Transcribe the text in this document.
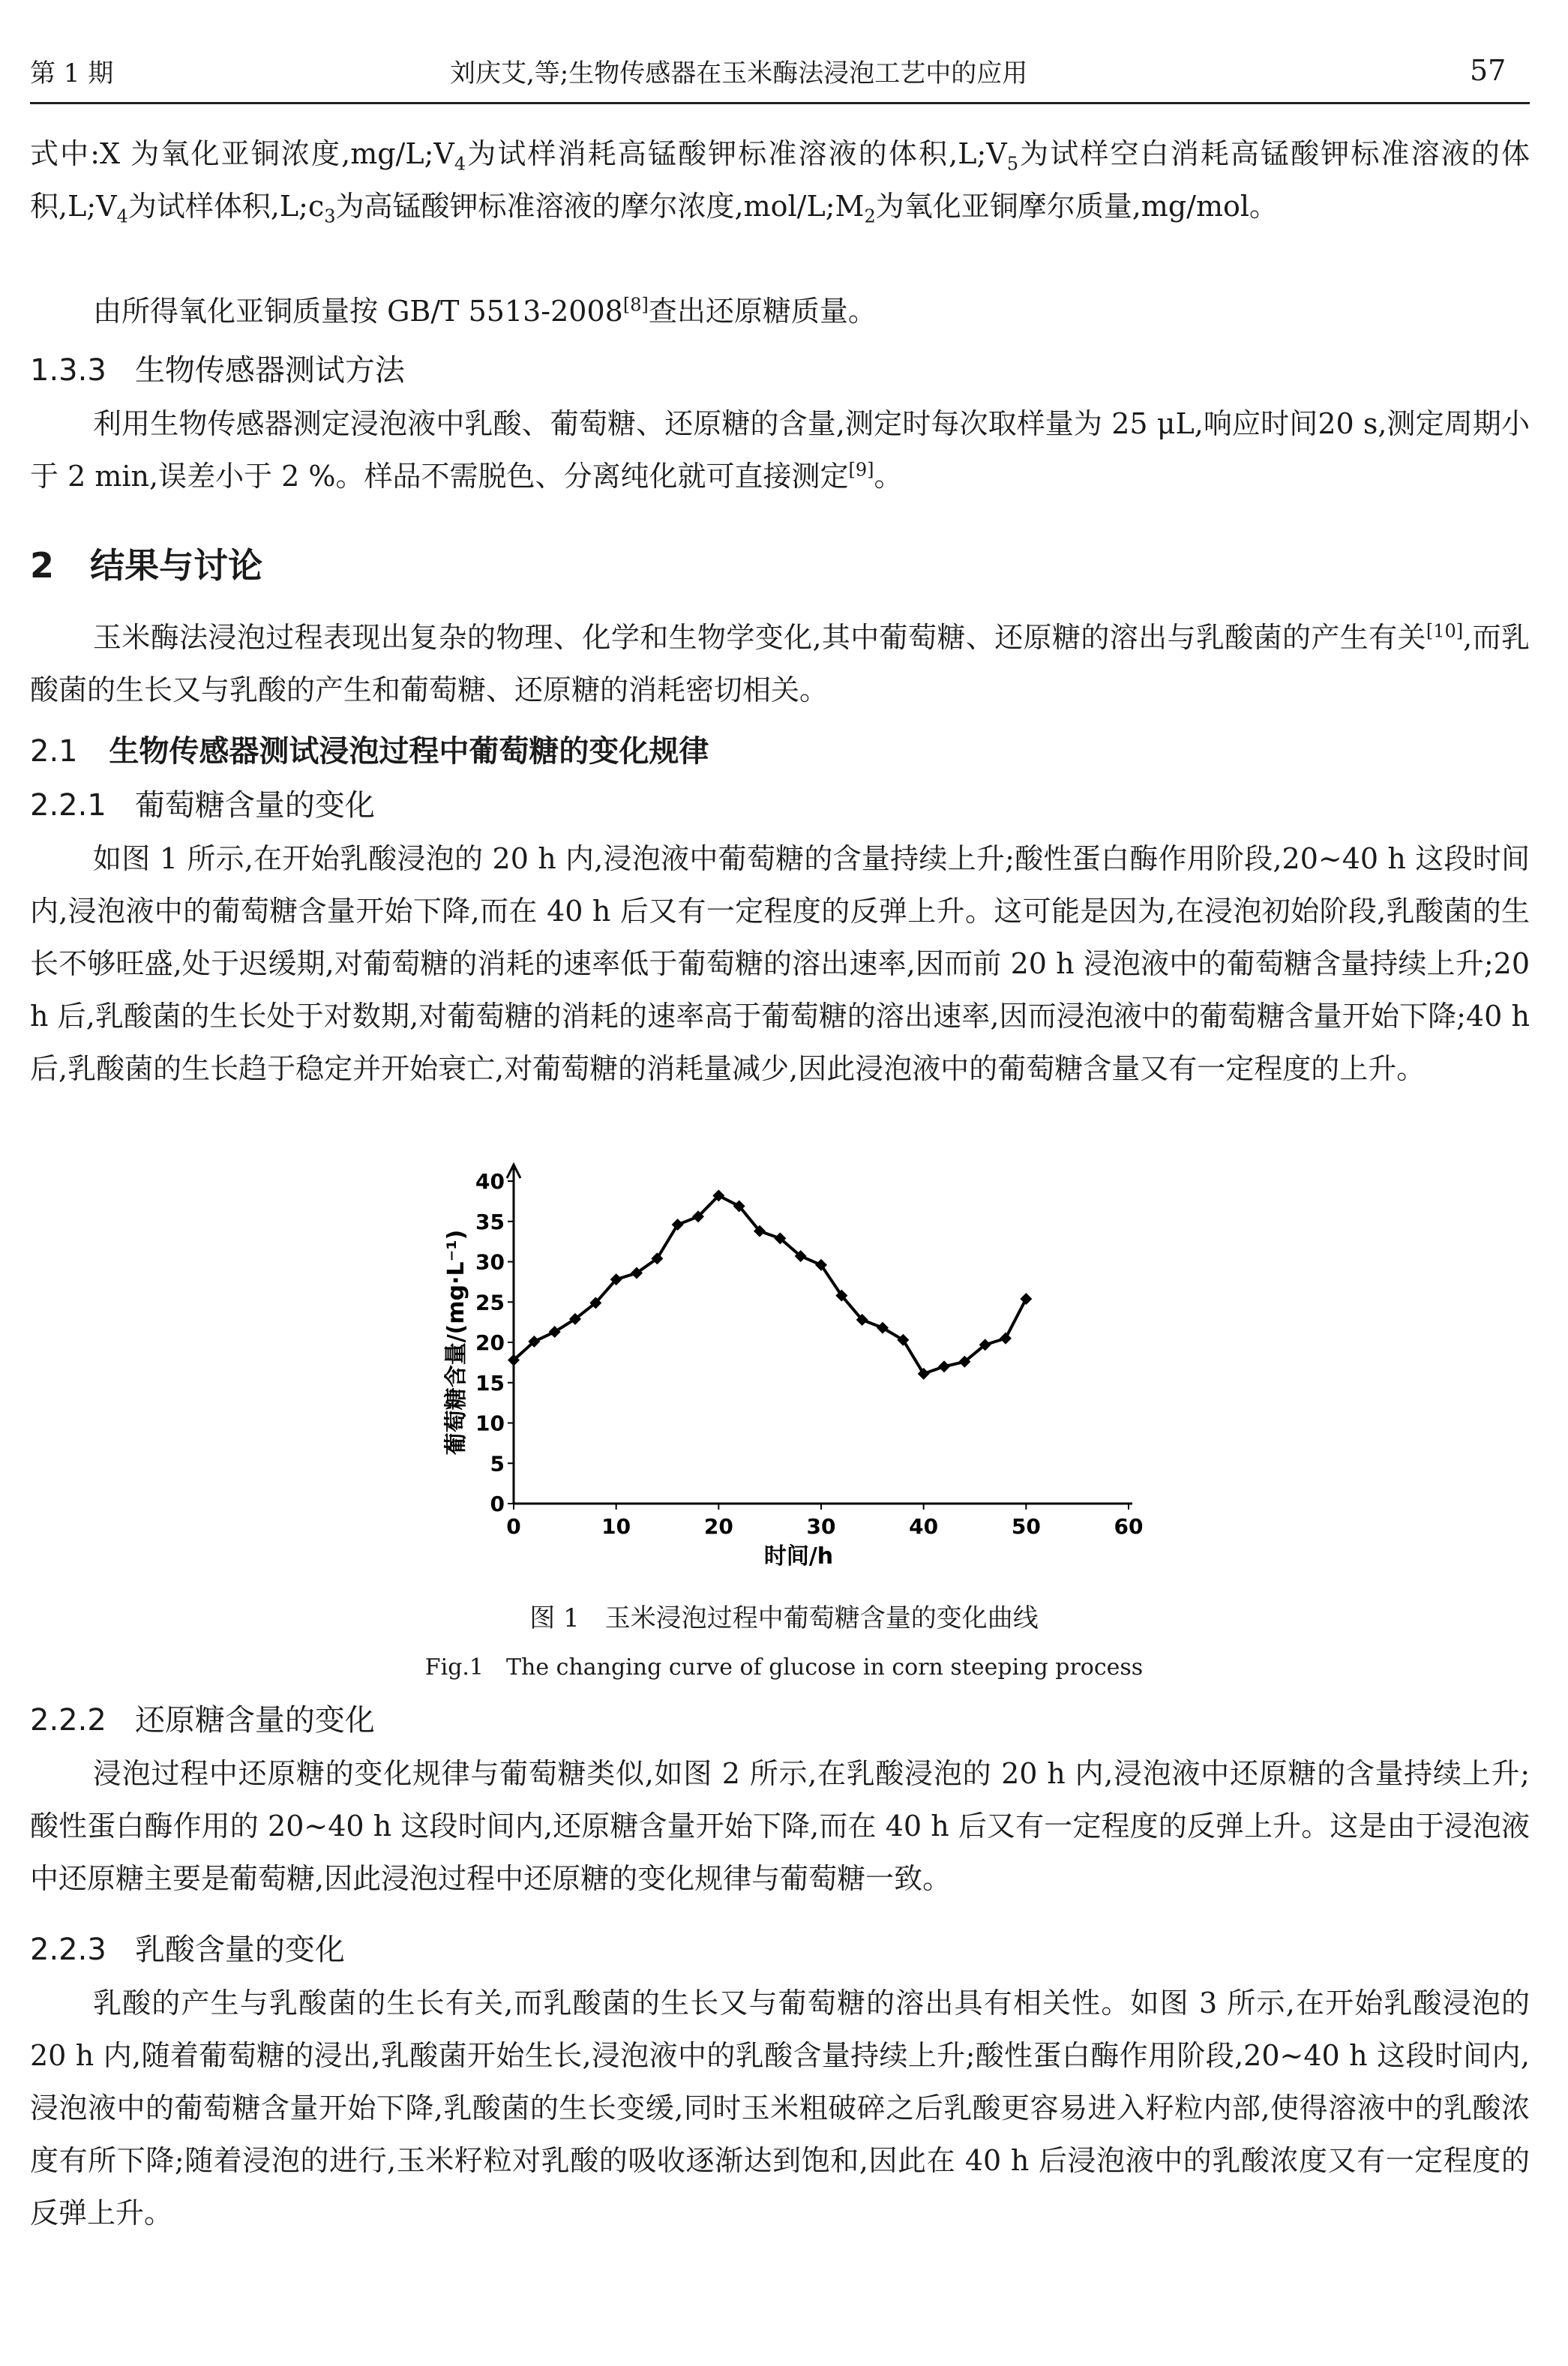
第 1 期	刘庆艾,等;生物传感器在玉米酶法浸泡工艺中的应用	57
式中:X 为氧化亚铜浓度$,mg/L;V_4$为试样消耗高锰酸钾标准溶液的体积$,L;V_5$为试样空白消耗高锰酸钾标准溶液的体积$,L;V_4$为试样体积$,L;c_3$为高锰酸钾标准溶液的摩尔浓度$,mol/L;M_2$为氧化亚铜摩尔质量,mg/mol。
由所得氧化亚铜质量按 GB/T 5513-2008[8]查出还原糖质量。
1.3.3 生物传感器测试方法
利用生物传感器测定浸泡液中乳酸、葡萄糖、还原糖的含量,测定时每次取样量为 25 μL,响应时间20 s,测定周期小于 2 min,误差小于 2 %。样品不需脱色、分离纯化就可直接测定[9]。
2 结果与讨论
玉米酶法浸泡过程表现出复杂的物理、化学和生物学变化,其中葡萄糖、还原糖的溶出与乳酸菌的产生有关[10],而乳酸菌的生长又与乳酸的产生和葡萄糖、还原糖的消耗密切相关。
2.1 生物传感器测试浸泡过程中葡萄糖的变化规律
2.2.1 葡萄糖含量的变化
如图 1 所示,在开始乳酸浸泡的 20 h 内,浸泡液中葡萄糖的含量持续上升;酸性蛋白酶作用阶段,20~40 h 这段时间内,浸泡液中的葡萄糖含量开始下降,而在 40 h 后又有一定程度的反弹上升。这可能是因为,在浸泡初始阶段,乳酸菌的生长不够旺盛,处于迟缓期,对葡萄糖的消耗的速率低于葡萄糖的溶出速率,因而前 20 h 浸泡液中的葡萄糖含量持续上升;20 h 后,乳酸菌的生长处于对数期,对葡萄糖的消耗的速率高于葡萄糖的溶出速率,因而浸泡液中的葡萄糖含量开始下降;40 h 后,乳酸菌的生长趋于稳定并开始衰亡,对葡萄糖的消耗量减少,因此浸泡液中的葡萄糖含量又有一定程度的上升。
0	10	20	30	40	50	60
0
5
10
15
20
25
30
35
40
时间/h
葡萄糖含量/(mg·L⁻¹)
图 1　玉米浸泡过程中葡萄糖含量的变化曲线
Fig.1　The changing curve of glucose in corn steeping process
2.2.2 还原糖含量的变化
浸泡过程中还原糖的变化规律与葡萄糖类似,如图 2 所示,在乳酸浸泡的 20 h 内,浸泡液中还原糖的含量持续上升;酸性蛋白酶作用的 20~40 h 这段时间内,还原糖含量开始下降,而在 40 h 后又有一定程度的反弹上升。这是由于浸泡液中还原糖主要是葡萄糖,因此浸泡过程中还原糖的变化规律与葡萄糖一致。
2.2.3 乳酸含量的变化
乳酸的产生与乳酸菌的生长有关,而乳酸菌的生长又与葡萄糖的溶出具有相关性。如图 3 所示,在开始乳酸浸泡的 20 h 内,随着葡萄糖的浸出,乳酸菌开始生长,浸泡液中的乳酸含量持续上升;酸性蛋白酶作用阶段,20~40 h 这段时间内,浸泡液中的葡萄糖含量开始下降,乳酸菌的生长变缓,同时玉米粗破碎之后乳酸更容易进入籽粒内部,使得溶液中的乳酸浓度有所下降;随着浸泡的进行,玉米籽粒对乳酸的吸收逐渐达到饱和,因此在 40 h 后浸泡液中的乳酸浓度又有一定程度的反弹上升。
